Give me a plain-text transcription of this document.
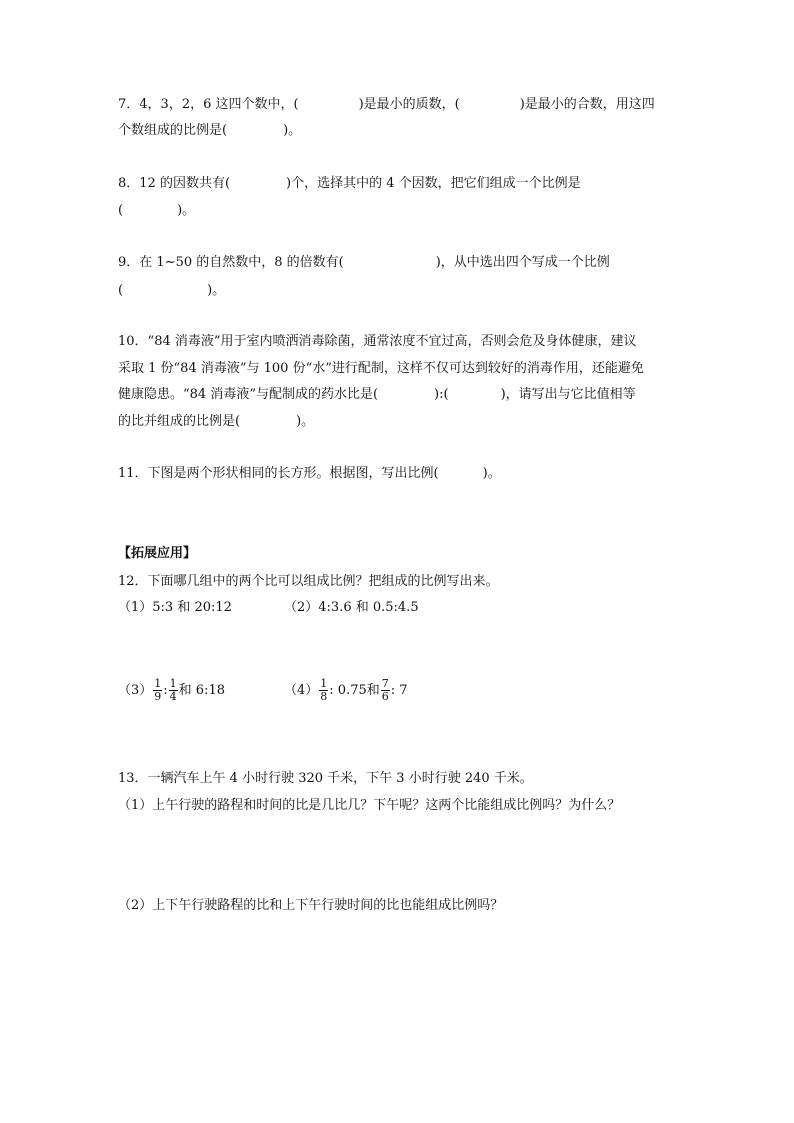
7．4，3，2，6 这四个数中，(	)是最小的质数，(	)是最小的合数，用这四
个数组成的比例是(	)。
8．12 的因数共有(	)个，选择其中的 4 个因数，把它们组成一个比例是
(	)。
9．在 1~50 的自然数中，8 的倍数有(	)，从中选出四个写成一个比例
(	)。
10．“84 消毒液”用于室内喷洒消毒除菌，通常浓度不宜过高，否则会危及身体健康，建议
采取 1 份“84 消毒液”与 100 份“水”进行配制，这样不仅可达到较好的消毒作用，还能避免
健康隐患。“84 消毒液”与配制成的药水比是(	):(	)，请写出与它比值相等
的比并组成的比例是(	)。
11．下图是两个形状相同的长方形。根据图，写出比例(	)。
【拓展应用】
12．下面哪几组中的两个比可以组成比例？把组成的比例写出来。
（1）5:3 和 20:12	（2）4:3.6 和 0.5:4.5
$(3) \frac{1}{9}$ : $\frac{1}{4}$ 和 6:18	$(4) \frac{1}{8}$ : 0.75和 $\frac{7}{6}$ : 7
13．一辆汽车上午 4 小时行驶 320 千米，下午 3 小时行驶 240 千米。
（1）上午行驶的路程和时间的比是几比几？下午呢？这两个比能组成比例吗？为什么？
（2）上下午行驶路程的比和上下午行驶时间的比也能组成比例吗？
